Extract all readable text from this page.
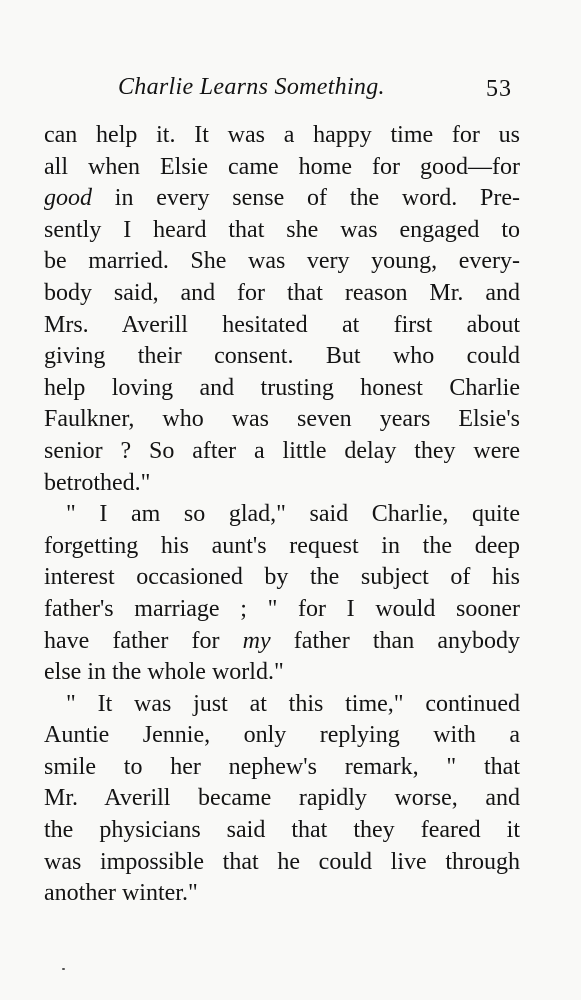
Charlie Learns Something.	53
can help it. It was a happy time for us
all when Elsie came home for good—for
good in every sense of the word. Pre-
sently I heard that she was engaged to
be married. She was very young, every-
body said, and for that reason Mr. and
Mrs. Averill hesitated at first about
giving their consent. But who could
help loving and trusting honest Charlie
Faulkner, who was seven years Elsie's
senior ? So after a little delay they were
betrothed."
" I am so glad," said Charlie, quite
forgetting his aunt's request in the deep
interest occasioned by the subject of his
father's marriage ; " for I would sooner
have father for my father than anybody
else in the whole world."
" It was just at this time," continued
Auntie Jennie, only replying with a
smile to her nephew's remark, " that
Mr. Averill became rapidly worse, and
the physicians said that they feared it
was impossible that he could live through
another winter."
